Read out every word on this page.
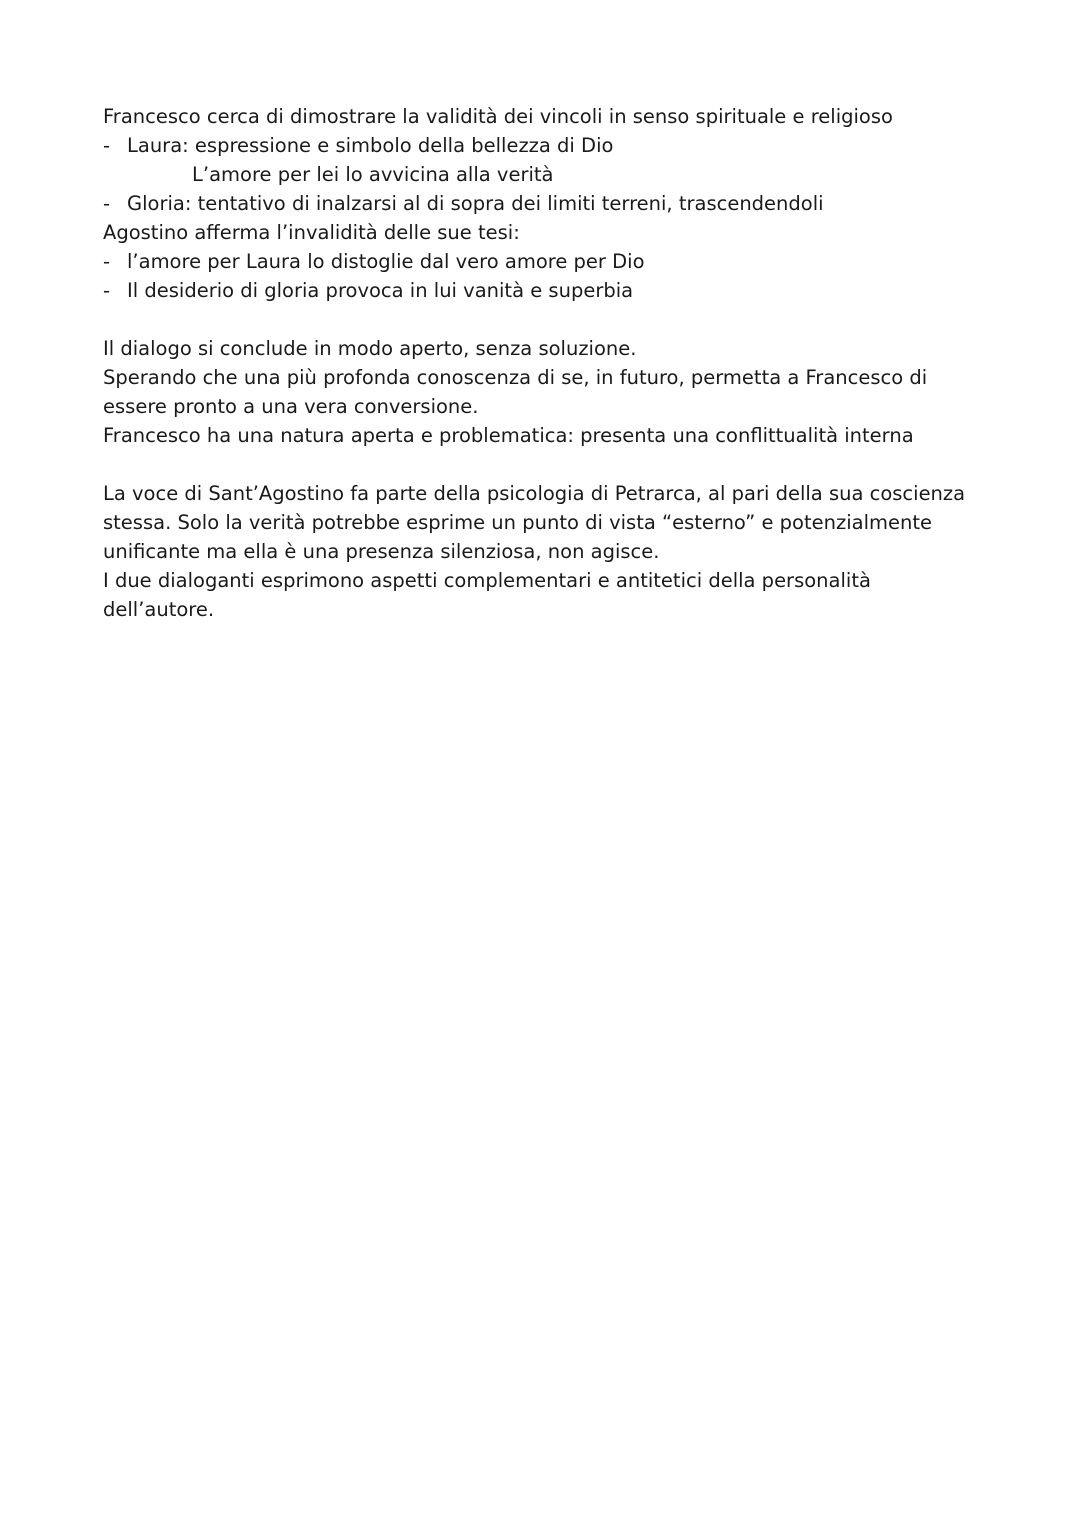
Francesco cerca di dimostrare la validità dei vincoli in senso spirituale e religioso
- Laura: espressione e simbolo della bellezza di Dio
L’amore per lei lo avvicina alla verità
- Gloria: tentativo di inalzarsi al di sopra dei limiti terreni, trascendendoli
Agostino afferma l’invalidità delle sue tesi:
- l’amore per Laura lo distoglie dal vero amore per Dio
- Il desiderio di gloria provoca in lui vanità e superbia
Il dialogo si conclude in modo aperto, senza soluzione.
Sperando che una più profonda conoscenza di se, in futuro, permetta a Francesco di
essere pronto a una vera conversione.
Francesco ha una natura aperta e problematica: presenta una conflittualità interna
La voce di Sant’Agostino fa parte della psicologia di Petrarca, al pari della sua coscienza
stessa. Solo la verità potrebbe esprime un punto di vista “esterno” e potenzialmente
unificante ma ella è una presenza silenziosa, non agisce.
I due dialoganti esprimono aspetti complementari e antitetici della personalità
dell’autore.
